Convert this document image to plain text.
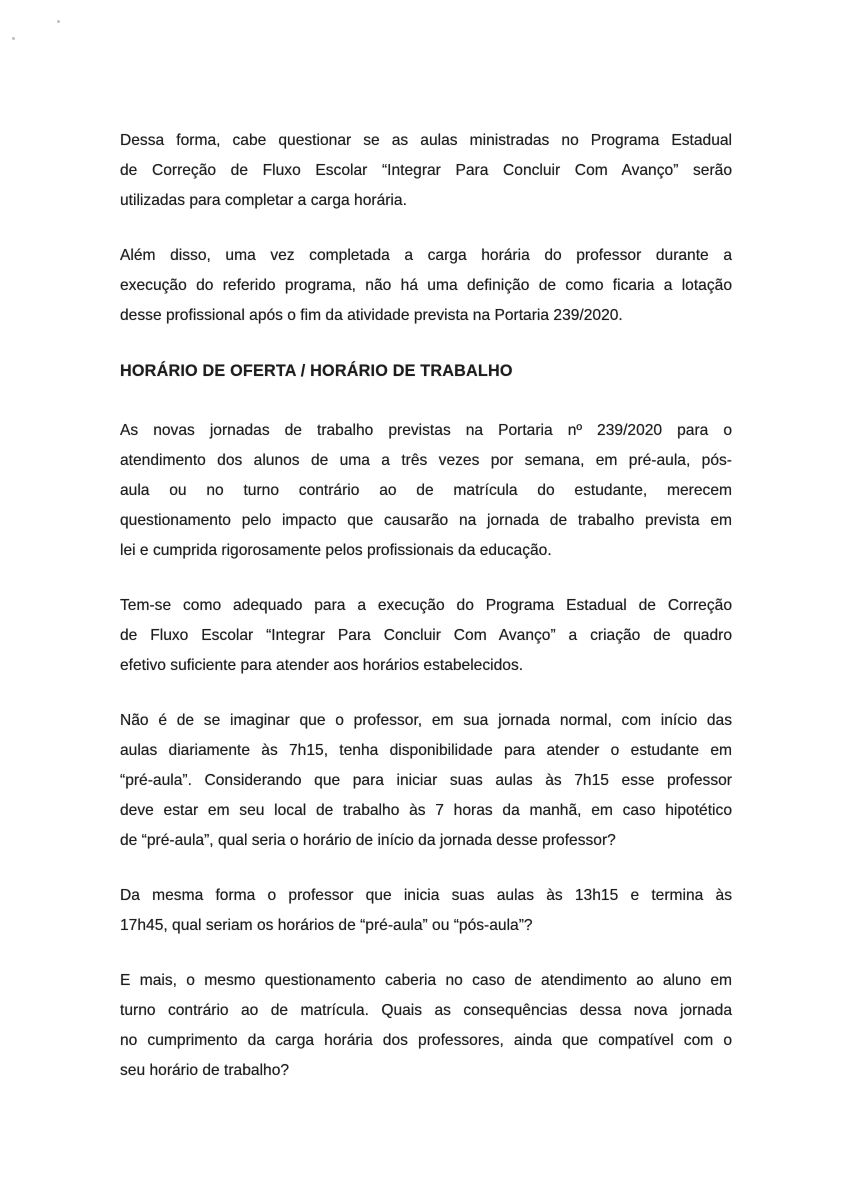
Dessa forma, cabe questionar se as aulas ministradas no Programa Estadual
de Correção de Fluxo Escolar “Integrar Para Concluir Com Avanço” serão
utilizadas para completar a carga horária.
Além disso, uma vez completada a carga horária do professor durante a
execução do referido programa, não há uma definição de como ficaria a lotação
desse profissional após o fim da atividade prevista na Portaria 239/2020.
HORÁRIO DE OFERTA / HORÁRIO DE TRABALHO
As novas jornadas de trabalho previstas na Portaria nº 239/2020 para o
atendimento dos alunos de uma a três vezes por semana, em pré-aula, pós-
aula ou no turno contrário ao de matrícula do estudante, merecem
questionamento pelo impacto que causarão na jornada de trabalho prevista em
lei e cumprida rigorosamente pelos profissionais da educação.
Tem-se como adequado para a execução do Programa Estadual de Correção
de Fluxo Escolar “Integrar Para Concluir Com Avanço” a criação de quadro
efetivo suficiente para atender aos horários estabelecidos.
Não é de se imaginar que o professor, em sua jornada normal, com início das
aulas diariamente às 7h15, tenha disponibilidade para atender o estudante em
“pré-aula”. Considerando que para iniciar suas aulas às 7h15 esse professor
deve estar em seu local de trabalho às 7 horas da manhã, em caso hipotético
de “pré-aula”, qual seria o horário de início da jornada desse professor?
Da mesma forma o professor que inicia suas aulas às 13h15 e termina às
17h45, qual seriam os horários de “pré-aula” ou “pós-aula”?
E mais, o mesmo questionamento caberia no caso de atendimento ao aluno em
turno contrário ao de matrícula. Quais as consequências dessa nova jornada
no cumprimento da carga horária dos professores, ainda que compatível com o
seu horário de trabalho?
